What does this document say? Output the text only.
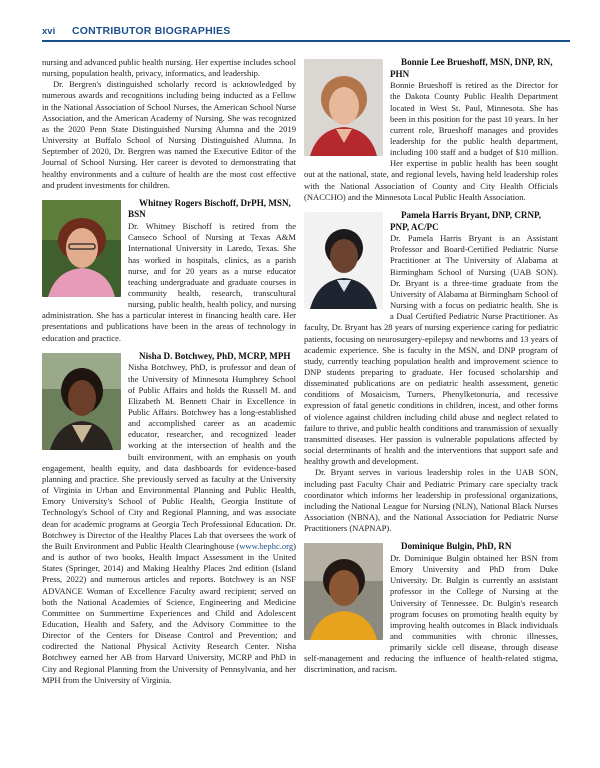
xvi CONTRIBUTOR BIOGRAPHIES

nursing and advanced public health nursing. Her expertise includes school nursing, population health, privacy, informatics, and leadership.

Dr. Bergren's distinguished scholarly record is acknowledged by numerous awards and recognitions including being inducted as a Fellow in the National Association of School Nurses, the American School Nurse Association, and the American Academy of Nursing. She was recognized as the 2020 Penn State Distinguished Nursing Alumna and the 2019 University at Buffalo School of Nursing Distinguished Alumna. In September of 2020, Dr. Bergren was named the Executive Editor of the Journal of School Nursing. Her career is devoted to demonstrating that healthy environments and a culture of health are the most cost effective and prudent investments for children.

Whitney Rogers Bischoff, DrPH, MSN, BSN

Dr. Whitney Bischoff is retired from the Canseco School of Nursing at Texas A&M International University in Laredo, Texas. She has worked in hospitals, clinics, as a parish nurse, and for 20 years as a nurse educator teaching undergraduate and graduate courses in community health, research, transcultural nursing, public health, health policy, and nursing administration. She has a particular interest in financing health care. Her presentations and publications have been in the areas of technology in education and practice.

Nisha D. Botchwey, PhD, MCRP, MPH

Nisha Botchwey, PhD, is professor and dean of the University of Minnesota Humphrey School of Public Affairs and holds the Russell M. and Elizabeth M. Bennett Chair in Excellence in Public Affairs. Botchwey has a long-established and accomplished career as an academic educator, researcher, and recognized leader working at the intersection of health and the built environment, with an emphasis on youth engagement, health equity, and data dashboards for evidence-based planning and practice. She previously served as faculty at the University of Virginia in Urban and Environmental Planning and Public Health, Emory University's School of Public Health, Georgia Institute of Technology's School of City and Regional Planning, and was associate dean for academic programs at Georgia Tech Professional Education. Dr. Botchwey is Director of the Healthy Places Lab that oversees the work of the Built Environment and Public Health Clearinghouse (www.bephc.org) and is author of two books, Health Impact Assessment in the United States (Springer, 2014) and Making Healthy Places 2nd edition (Island Press, 2022) and numerous articles and reports. Botchwey is an NSF ADVANCE Woman of Excellence Faculty award recipient; served on both the National Academies of Science, Engineering and Medicine Committee on Summertime Experiences and Child and Adolescent Education, Health and Safety, and the Advisory Committee to the Director of the Centers for Disease Control and Prevention; and codirected the National Physical Activity Research Center. Nisha Botchwey earned her AB from Harvard University, MCRP and PhD in City and Regional Planning from the University of Pennsylvania, and her MPH from the University of Virginia.

Bonnie Lee Brueshoff, MSN, DNP, RN, PHN

Bonnie Brueshoff is retired as the Director for the Dakota County Public Health Department located in West St. Paul, Minnesota. She has been in this position for the past 10 years. In her current role, Brueshoff manages and provides leadership for the public health department, including 100 staff and a budget of $10 million. Her expertise in public health has been sought out at the national, state, and regional levels, having held leadership roles with the National Association of County and City Health Officials (NACCHO) and the Minnesota Local Public Health Association.

Pamela Harris Bryant, DNP, CRNP, PNP, AC/PC

Dr. Pamela Harris Bryant is an Assistant Professor and Board-Certified Pediatric Nurse Practitioner at The University of Alabama at Birmingham School of Nursing (UAB SON). Dr. Bryant is a three-time graduate from the University of Alabama at Birmingham School of Nursing with a focus on pediatric health. She is a Dual Certified Pediatric Nurse Practitioner. As faculty, Dr. Bryant has 28 years of nursing experience caring for pediatric patients, focusing on neurosurgery-epilepsy and newborns and 13 years of academic experience. She is faculty in the MSN, and DNP program of study, currently teaching population health and improvement science to DNP students preparing to graduate. Her focused scholarship and disseminated publications are on pediatric health assessment, genetic conditions of Mosaicism, Turners, Phenylketonuria, and recessive expression of fatal genetic conditions in children, incest, and other forms of violence against children including child abuse and neglect related to failure to thrive, and public health conditions and transmission of sexually transmitted diseases. Her passion is vulnerable populations affected by social determinants of health and the interventions that support safe and healthy growth and development.

Dr. Bryant serves in various leadership roles in the UAB SON, including past Faculty Chair and Pediatric Primary care specialty track coordinator which informs her leadership in professional organizations, including the National League for Nursing (NLN), National Black Nurses Association (NBNA), and the National Association for Pediatric Nurse Practitioners (NAPNAP).

Dominique Bulgin, PhD, RN

Dr. Dominique Bulgin obtained her BSN from Emory University and PhD from Duke University. Dr. Bulgin is currently an assistant professor in the College of Nursing at the University of Tennessee. Dr. Bulgin's research program focuses on promoting health equity by improving health outcomes in Black individuals and communities with chronic illnesses, primarily sickle cell disease, through disease self-management and reducing the influence of health-related stigma, discrimination, and racism.
